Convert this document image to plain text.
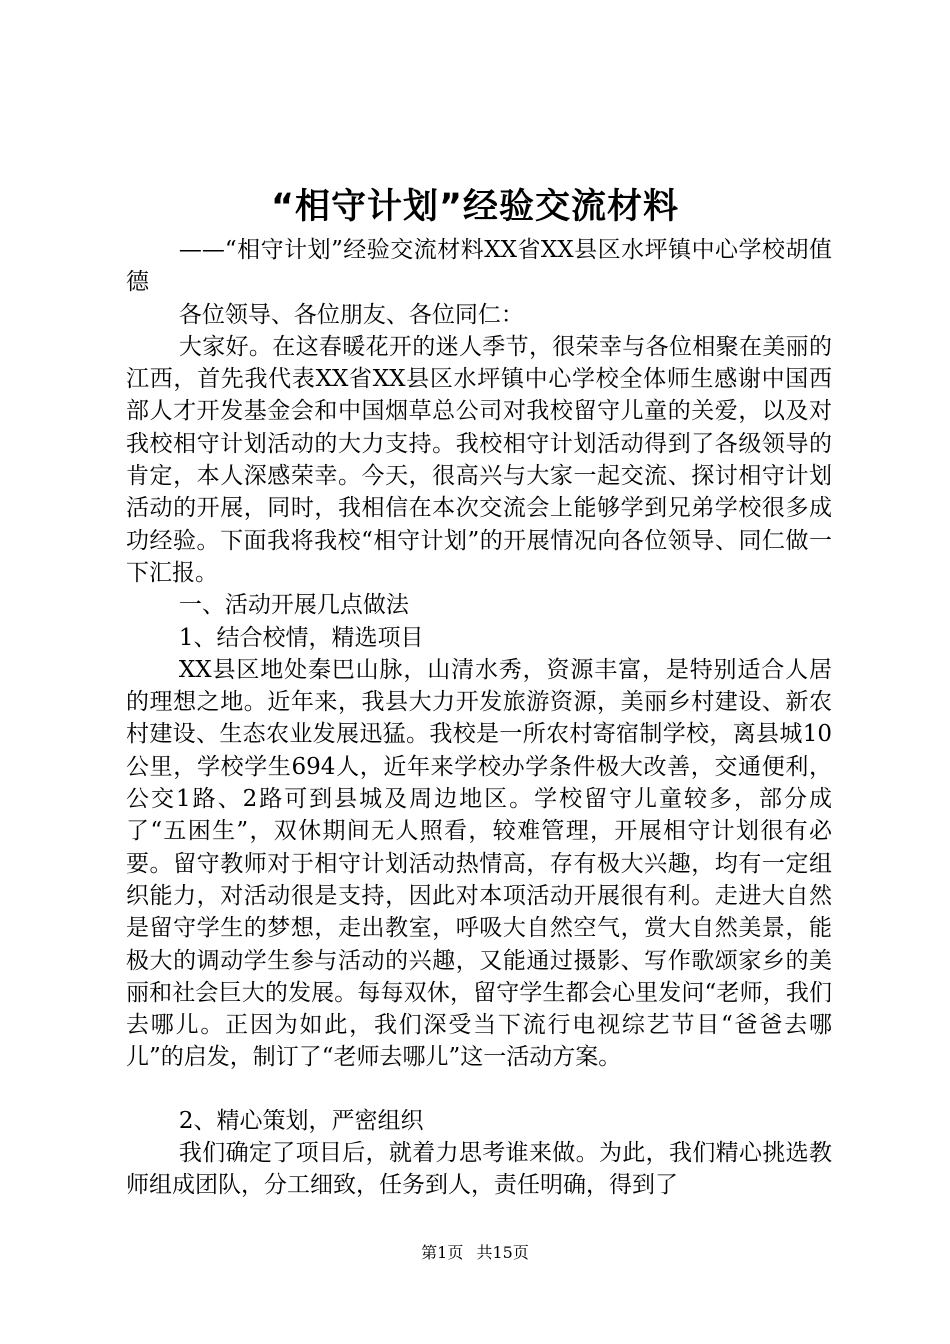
“相守计划”经验交流材料

——“相守计划”经验交流材料XX省XX县区水坪镇中心学校胡值德

各位领导、各位朋友、各位同仁：

大家好。在这春暖花开的迷人季节，很荣幸与各位相聚在美丽的江西，首先我代表XX省XX县区水坪镇中心学校全体师生感谢中国西部人才开发基金会和中国烟草总公司对我校留守儿童的关爱，以及对我校相守计划活动的大力支持。我校相守计划活动得到了各级领导的肯定，本人深感荣幸。今天，很高兴与大家一起交流、探讨相守计划活动的开展，同时，我相信在本次交流会上能够学到兄弟学校很多成功经验。下面我将我校“相守计划”的开展情况向各位领导、同仁做一下汇报。

一、活动开展几点做法

1、结合校情，精选项目

XX县区地处秦巴山脉，山清水秀，资源丰富，是特别适合人居的理想之地。近年来，我县大力开发旅游资源，美丽乡村建设、新农村建设、生态农业发展迅猛。我校是一所农村寄宿制学校，离县城10公里，学校学生694人，近年来学校办学条件极大改善，交通便利，公交1路、2路可到县城及周边地区。学校留守儿童较多，部分成了“五困生”，双休期间无人照看，较难管理，开展相守计划很有必要。留守教师对于相守计划活动热情高，存有极大兴趣，均有一定组织能力，对活动很是支持，因此对本项活动开展很有利。走进大自然是留守学生的梦想，走出教室，呼吸大自然空气，赏大自然美景，能极大的调动学生参与活动的兴趣，又能通过摄影、写作歌颂家乡的美丽和社会巨大的发展。每每双休，留守学生都会心里发问“老师，我们去哪儿。正因为如此，我们深受当下流行电视综艺节目“爸爸去哪儿”的启发，制订了“老师去哪儿”这一活动方案。

2、精心策划，严密组织

我们确定了项目后，就着力思考谁来做。为此，我们精心挑选教师组成团队，分工细致，任务到人，责任明确，得到了

第1页 共15页
